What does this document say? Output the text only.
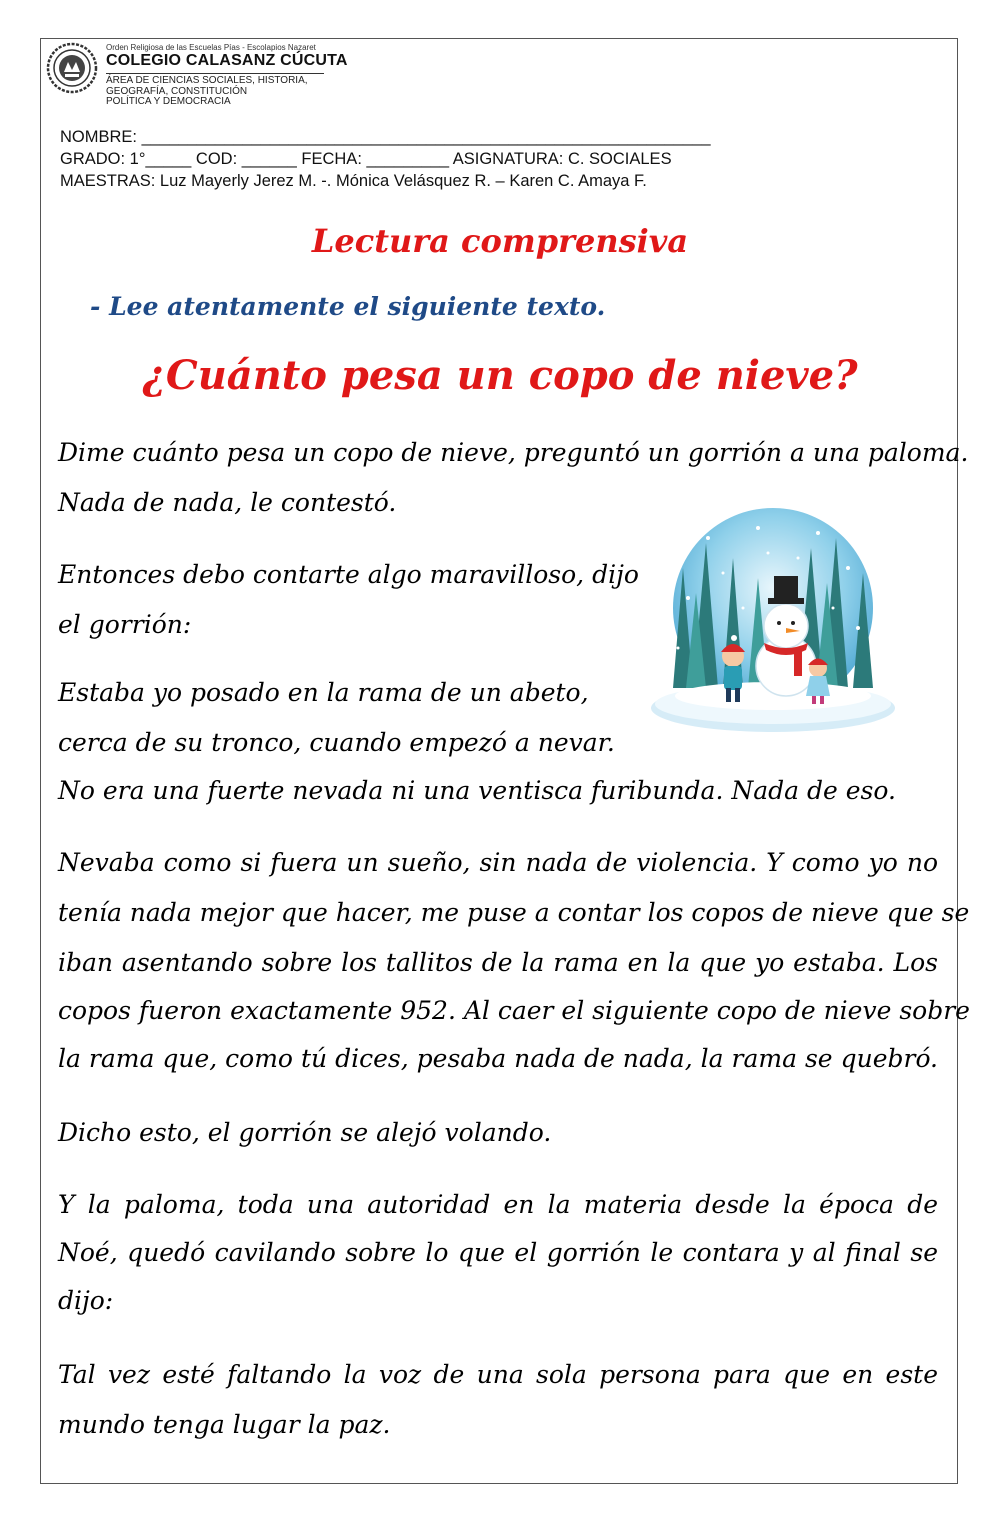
Orden Religiosa de las Escuelas Pías - Escolapios Nazaret
COLEGIO CALASANZ CÚCUTA
ÁREA DE CIENCIAS SOCIALES, HISTORIA,
GEOGRAFÍA, CONSTITUCIÓN
POLÍTICA Y DEMOCRACIA
NOMBRE: ______________________________________________________________
GRADO: 1°_____ COD: ______ FECHA: _________ ASIGNATURA: C. SOCIALES
MAESTRAS: Luz Mayerly Jerez M. -. Mónica Velásquez R. – Karen C. Amaya F.
Lectura comprensiva
- Lee atentamente el siguiente texto.
¿Cuánto pesa un copo de nieve?
Dime cuánto pesa un copo de nieve, preguntó un gorrión a una paloma.
Nada de nada, le contestó.
Entonces debo contarte algo maravilloso, dijo
el gorrión:
Estaba yo posado en la rama de un abeto,
cerca de su tronco, cuando empezó a nevar.
No era una fuerte nevada ni una ventisca furibunda. Nada de eso.
Nevaba como si fuera un sueño, sin nada de violencia. Y como yo no
tenía nada mejor que hacer, me puse a contar los copos de nieve que se
iban asentando sobre los tallitos de la rama en la que yo estaba. Los
copos fueron exactamente 952. Al caer el siguiente copo de nieve sobre
la rama que, como tú dices, pesaba nada de nada, la rama se quebró.
Dicho esto, el gorrión se alejó volando.
Y la paloma, toda una autoridad en la materia desde la época de
Noé, quedó cavilando sobre lo que el gorrión le contara y al final se
dijo:
Tal vez esté faltando la voz de una sola persona para que en este
mundo tenga lugar la paz.
